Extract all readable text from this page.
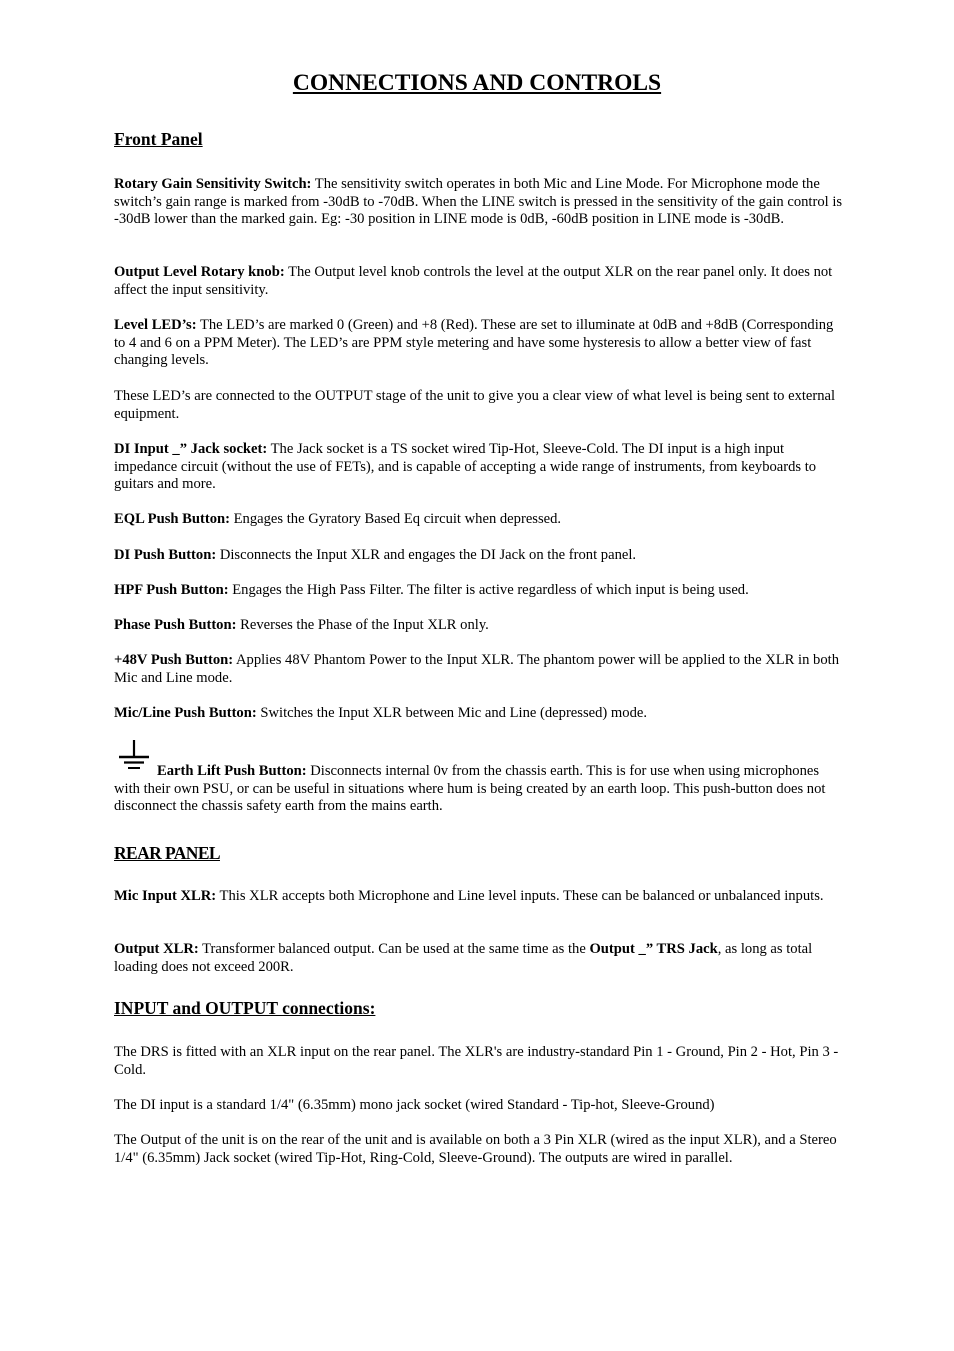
CONNECTIONS AND CONTROLS
Front Panel

Rotary Gain Sensitivity Switch: The sensitivity switch operates in both Mic and Line Mode. For Microphone mode the switch’s gain range is marked from -30dB to -70dB. When the LINE switch is pressed in the sensitivity of the gain control is -30dB lower than the marked gain. Eg: -30 position in LINE mode is 0dB, -60dB position in LINE mode is -30dB.

Output Level Rotary knob: The Output level knob controls the level at the output XLR on the rear panel only. It does not affect the input sensitivity.

Level LED’s: The LED’s are marked 0 (Green) and +8 (Red). These are set to illuminate at 0dB and +8dB (Corresponding to 4 and 6 on a PPM Meter). The LED’s are PPM style metering and have some hysteresis to allow a better view of fast changing levels.

These LED’s are connected to the OUTPUT stage of the unit to give you a clear view of what level is being sent to external equipment.

DI Input _” Jack socket: The Jack socket is a TS socket wired Tip-Hot, Sleeve-Cold. The DI input is a high input impedance circuit (without the use of FETs), and is capable of accepting a wide range of instruments, from keyboards to guitars and more.

EQL Push Button: Engages the Gyratory Based Eq circuit when depressed.

DI Push Button: Disconnects the Input XLR and engages the DI Jack on the front panel.

HPF Push Button: Engages the High Pass Filter. The filter is active regardless of which input is being used.

Phase Push Button: Reverses the Phase of the Input XLR only.

+48V Push Button: Applies 48V Phantom Power to the Input XLR. The phantom power will be applied to the XLR in both Mic and Line mode.

Mic/Line Push Button: Switches the Input XLR between Mic and Line (depressed) mode.

Earth Lift Push Button: Disconnects internal 0v from the chassis earth. This is for use when using microphones with their own PSU, or can be useful in situations where hum is being created by an earth loop. This push-button does not disconnect the chassis safety earth from the mains earth.

REAR PANEL

Mic Input XLR: This XLR accepts both Microphone and Line level inputs. These can be balanced or unbalanced inputs.

Output XLR: Transformer balanced output. Can be used at the same time as the Output _” TRS Jack, as long as total loading does not exceed 200R.

INPUT and OUTPUT connections:

The DRS is fitted with an XLR input on the rear panel. The XLR's are industry-standard Pin 1 - Ground, Pin 2 - Hot, Pin 3 - Cold.

The DI input is a standard 1/4" (6.35mm) mono jack socket (wired Standard - Tip-hot, Sleeve-Ground)

The Output of the unit is on the rear of the unit and is available on both a 3 Pin XLR (wired as the input XLR), and a Stereo 1/4" (6.35mm) Jack socket (wired Tip-Hot, Ring-Cold, Sleeve-Ground). The outputs are wired in parallel.
